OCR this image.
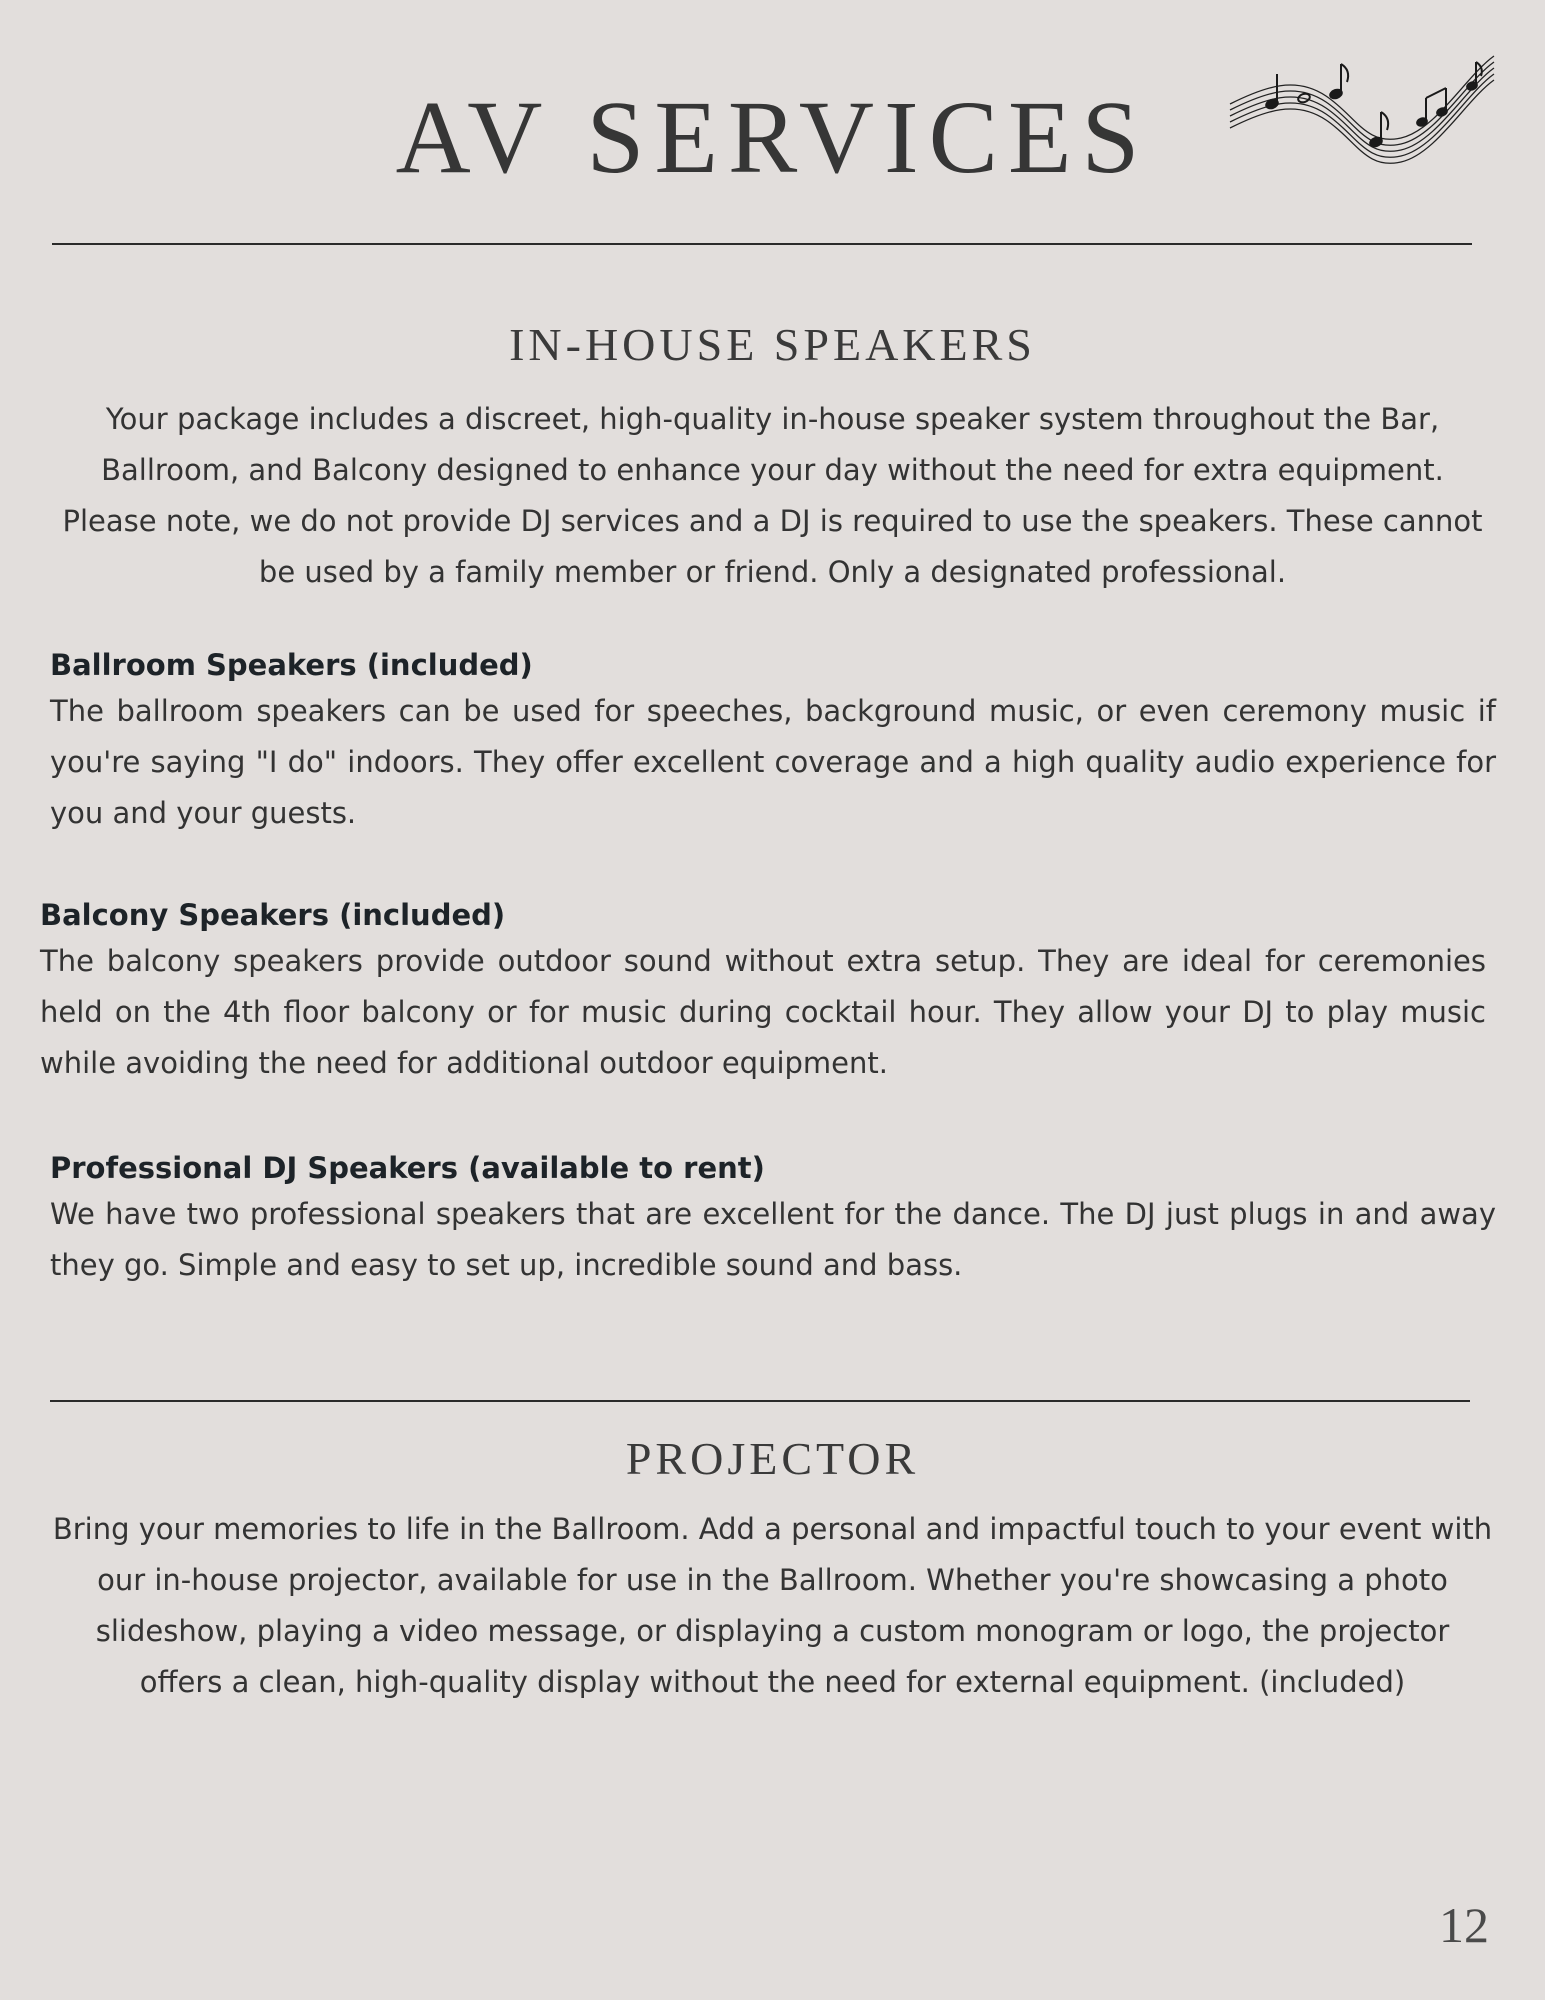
AV SERVICES
IN-HOUSE SPEAKERS

Your package includes a discreet, high-quality in-house speaker system throughout the Bar, Ballroom, and Balcony designed to enhance your day without the need for extra equipment. Please note, we do not provide DJ services and a DJ is required to use the speakers. These cannot be used by a family member or friend. Only a designated professional.

Ballroom Speakers (included)

The ballroom speakers can be used for speeches, background music, or even ceremony music if you're saying "I do" indoors. They offer excellent coverage and a high quality audio experience for you and your guests.

Balcony Speakers (included)

The balcony speakers provide outdoor sound without extra setup. They are ideal for ceremonies held on the 4th floor balcony or for music during cocktail hour. They allow your DJ to play music while avoiding the need for additional outdoor equipment.

Professional DJ Speakers (available to rent)

We have two professional speakers that are excellent for the dance. The DJ just plugs in and away they go. Simple and easy to set up, incredible sound and bass.

PROJECTOR

Bring your memories to life in the Ballroom. Add a personal and impactful touch to your event with our in-house projector, available for use in the Ballroom. Whether you're showcasing a photo slideshow, playing a video message, or displaying a custom monogram or logo, the projector offers a clean, high-quality display without the need for external equipment. (included)

12
